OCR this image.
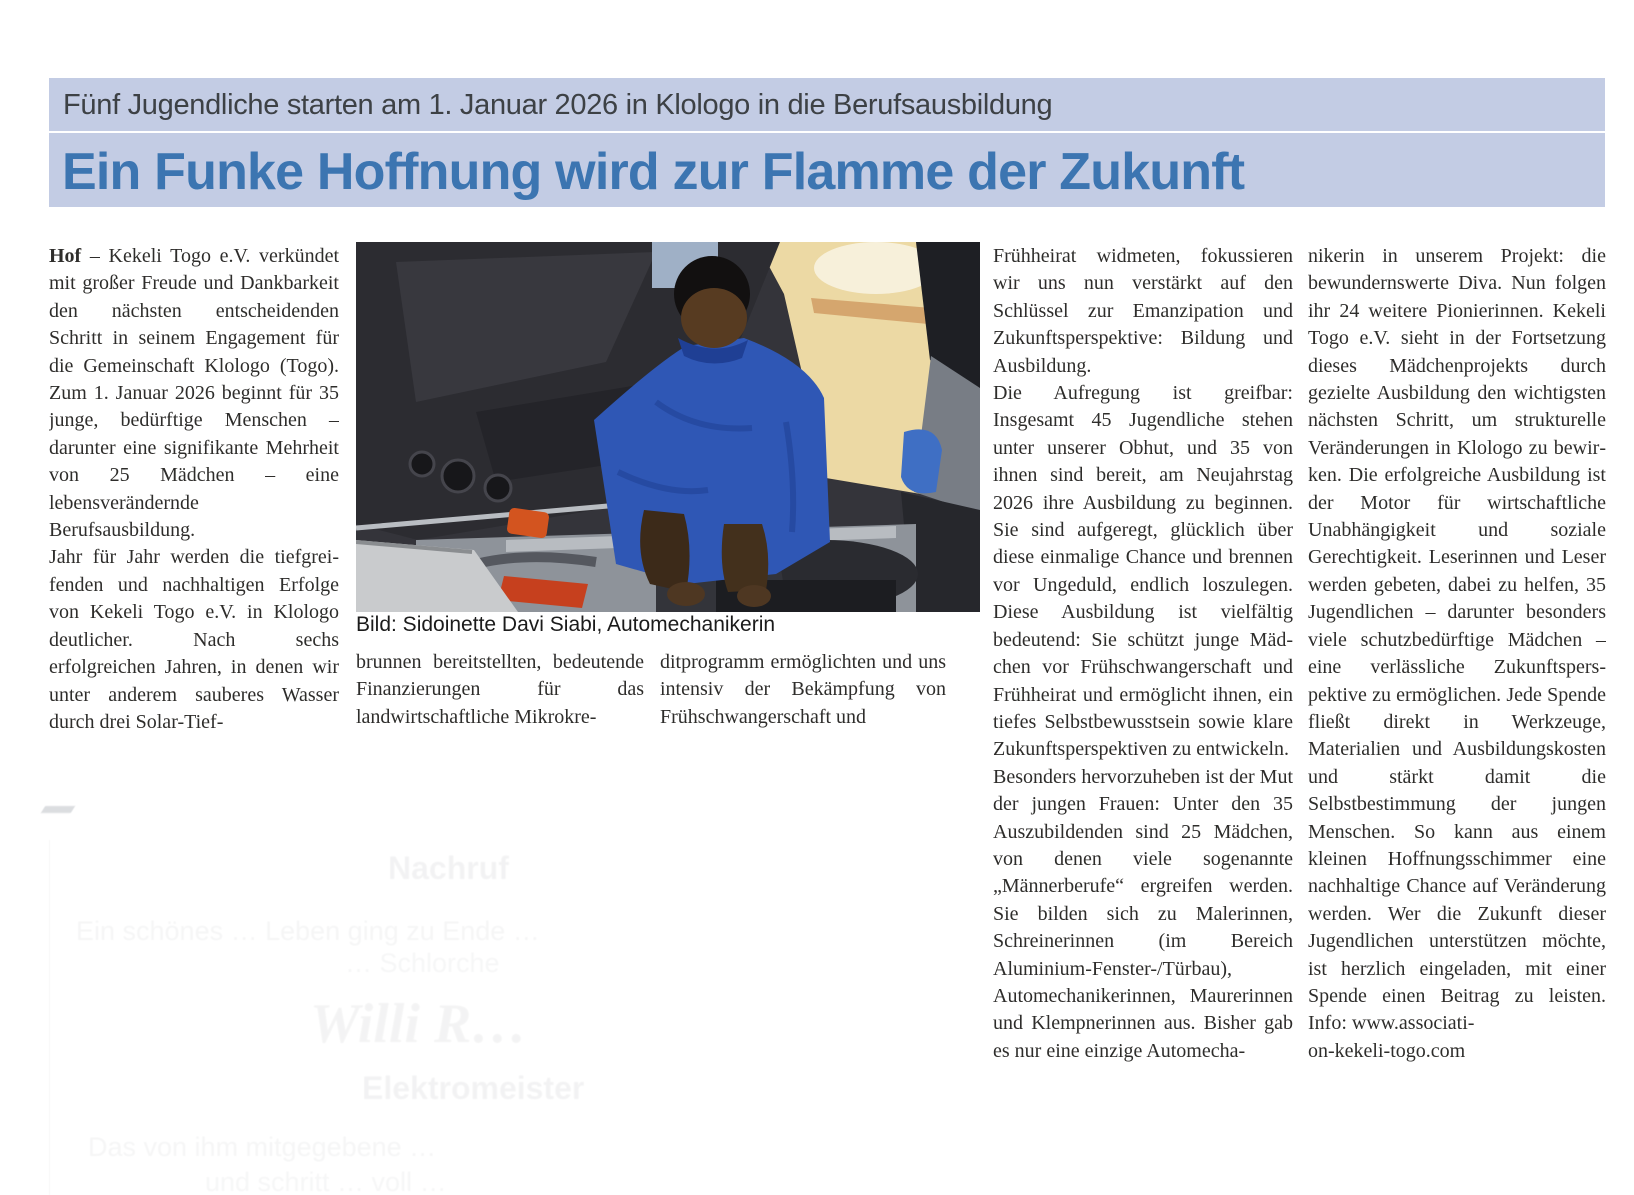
Fünf Jugendliche starten am 1. Januar 2026 in Klologo in die Berufsausbildung
Ein Funke Hoffnung wird zur Flamme der Zukunft
Bild: Sidoinette Davi Siabi, Automechanikerin

Hof – Kekeli Togo e.V. verkündet mit großer Freude und Dankbarkeit den nächsten entscheidenden Schritt in seinem Engagement für die Gemeinschaft Klologo (Togo). Zum 1. Januar 2026 beginnt für 35 junge, bedürftige Menschen – darunter eine signifikante Mehrheit von 25 Mädchen – eine lebensverändernde Berufsausbildung.

Jahr für Jahr werden die tiefgreifenden und nachhaltigen Erfolge von Kekeli Togo e.V. in Klologo deutlicher. Nach sechs erfolgreichen Jahren, in denen wir unter anderem sauberes Wasser durch drei Solar-Tief-

brunnen bereitstellten, bedeutende Finanzierungen für das landwirtschaftliche Mikrokre-

ditprogramm ermöglichten und uns intensiv der Bekämpfung von Frühschwangerschaft und

Frühheirat widmeten, fokussieren wir uns nun verstärkt auf den Schlüssel zur Emanzipation und Zukunftsperspektive: Bildung und Ausbildung.

Die Aufregung ist greifbar: Insgesamt 45 Jugendliche stehen unter unserer Obhut, und 35 von ihnen sind bereit, am Neujahrstag 2026 ihre Ausbildung zu beginnen. Sie sind aufgeregt, glücklich über diese einmalige Chance und brennen vor Ungeduld, endlich loszulegen. Diese Ausbildung ist vielfältig bedeutend: Sie schützt junge Mädchen vor Frühschwangerschaft und Frühheirat und ermöglicht ihnen, ein tiefes Selbstbewusstsein sowie klare Zukunftsperspektiven zu entwickeln.

Besonders hervorzuheben ist der Mut der jungen Frauen: Unter den 35 Auszubildenden sind 25 Mädchen, von denen viele sogenannte „Männerberufe“ ergreifen werden. Sie bilden sich zu Malerinnen, Schreinerinnen (im Bereich Aluminium-Fenster-/Türbau), Automechanikerinnen, Maurerinnen und Klempnerinnen aus. Bisher gab es nur eine einzige Automecha-

nikerin in unserem Projekt: die bewundernswerte Diva. Nun folgen ihr 24 weitere Pionierinnen. Kekeli Togo e.V. sieht in der Fortsetzung dieses Mädchenprojekts durch gezielte Ausbildung den wichtigsten nächsten Schritt, um strukturelle Veränderungen in Klologo zu bewirken. Die erfolgreiche Ausbildung ist der Motor für wirtschaftliche Unabhängigkeit und soziale Gerechtigkeit. Leserinnen und Leser werden gebeten, dabei zu helfen, 35 Jugendlichen – darunter besonders viele schutzbedürftige Mädchen – eine verlässliche Zukunftsperspektive zu ermöglichen. Jede Spende fließt direkt in Werkzeuge, Materialien und Ausbildungskosten und stärkt damit die Selbstbestimmung der jungen Menschen. So kann aus einem kleinen Hoffnungsschimmer eine nachhaltige Chance auf Veränderung werden. Wer die Zukunft dieser Jugendlichen unterstützen möchte, ist herzlich eingeladen, mit einer Spende einen Beitrag zu leisten. Info: www.associati-

on-kekeli-togo.com

Nachruf
Willi R…
Elektromeister
